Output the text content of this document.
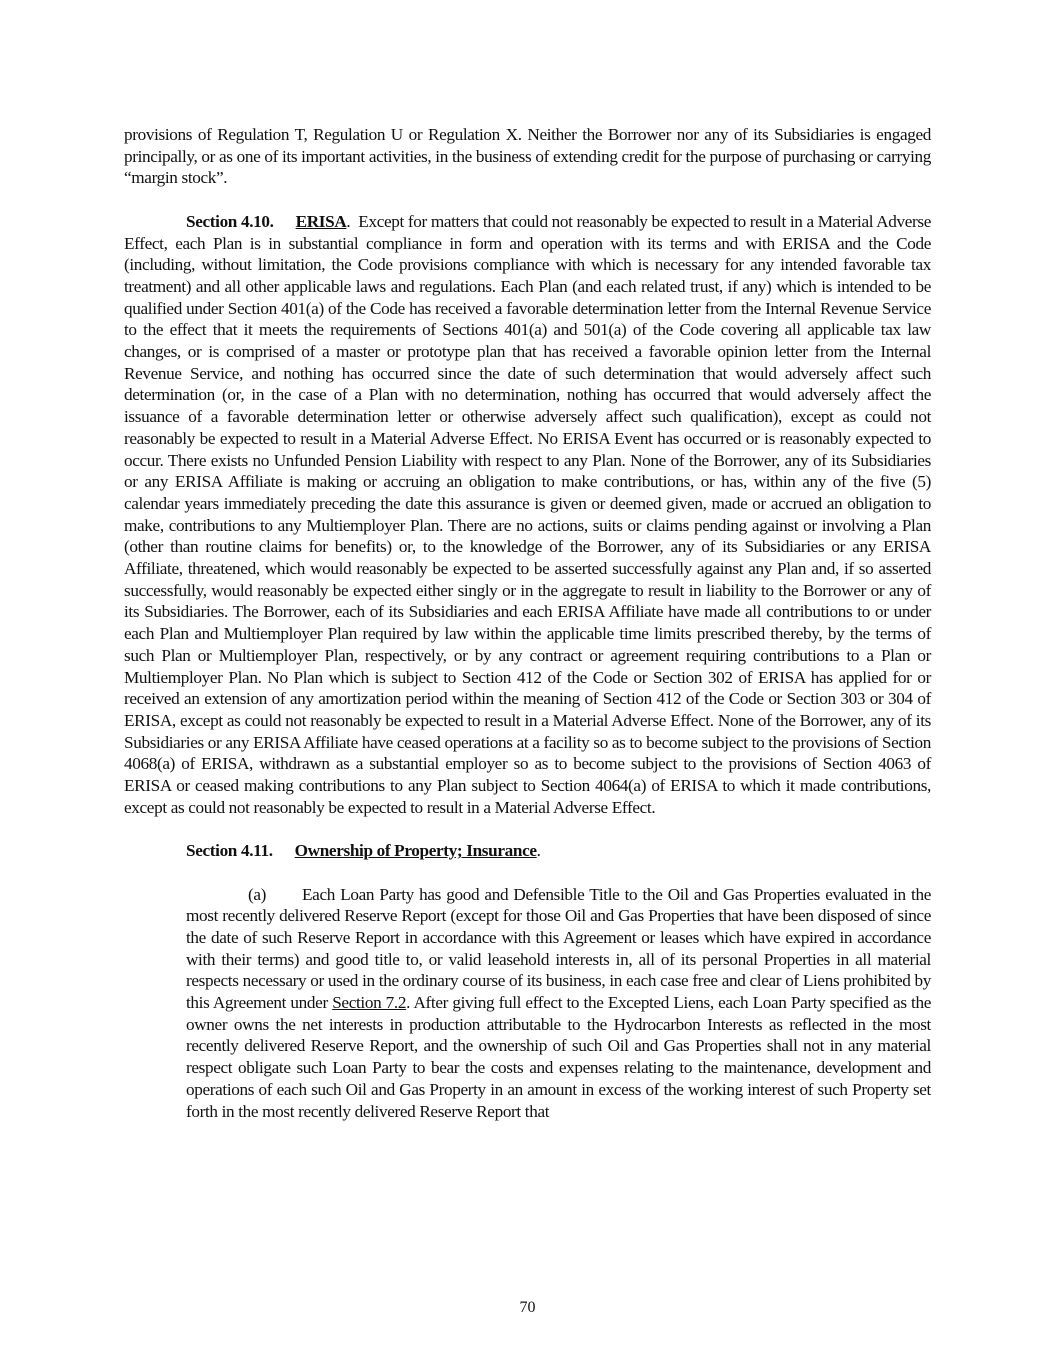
provisions of Regulation T, Regulation U or Regulation X. Neither the Borrower nor any of its Subsidiaries is engaged principally, or as one of its important activities, in the business of extending credit for the purpose of purchasing or carrying “margin stock”.

Section 4.10. ERISA. Except for matters that could not reasonably be expected to result in a Material Adverse Effect, each Plan is in substantial compliance in form and operation with its terms and with ERISA and the Code (including, without limitation, the Code provisions compliance with which is necessary for any intended favorable tax treatment) and all other applicable laws and regulations. Each Plan (and each related trust, if any) which is intended to be qualified under Section 401(a) of the Code has received a favorable determination letter from the Internal Revenue Service to the effect that it meets the requirements of Sections 401(a) and 501(a) of the Code covering all applicable tax law changes, or is comprised of a master or prototype plan that has received a favorable opinion letter from the Internal Revenue Service, and nothing has occurred since the date of such determination that would adversely affect such determination (or, in the case of a Plan with no determination, nothing has occurred that would adversely affect the issuance of a favorable determination letter or otherwise adversely affect such qualification), except as could not reasonably be expected to result in a Material Adverse Effect. No ERISA Event has occurred or is reasonably expected to occur. There exists no Unfunded Pension Liability with respect to any Plan. None of the Borrower, any of its Subsidiaries or any ERISA Affiliate is making or accruing an obligation to make contributions, or has, within any of the five (5) calendar years immediately preceding the date this assurance is given or deemed given, made or accrued an obligation to make, contributions to any Multiemployer Plan. There are no actions, suits or claims pending against or involving a Plan (other than routine claims for benefits) or, to the knowledge of the Borrower, any of its Subsidiaries or any ERISA Affiliate, threatened, which would reasonably be expected to be asserted successfully against any Plan and, if so asserted successfully, would reasonably be expected either singly or in the aggregate to result in liability to the Borrower or any of its Subsidiaries. The Borrower, each of its Subsidiaries and each ERISA Affiliate have made all contributions to or under each Plan and Multiemployer Plan required by law within the applicable time limits prescribed thereby, by the terms of such Plan or Multiemployer Plan, respectively, or by any contract or agreement requiring contributions to a Plan or Multiemployer Plan. No Plan which is subject to Section 412 of the Code or Section 302 of ERISA has applied for or received an extension of any amortization period within the meaning of Section 412 of the Code or Section 303 or 304 of ERISA, except as could not reasonably be expected to result in a Material Adverse Effect. None of the Borrower, any of its Subsidiaries or any ERISA Affiliate have ceased operations at a facility so as to become subject to the provisions of Section 4068(a) of ERISA, withdrawn as a substantial employer so as to become subject to the provisions of Section 4063 of ERISA or ceased making contributions to any Plan subject to Section 4064(a) of ERISA to which it made contributions, except as could not reasonably be expected to result in a Material Adverse Effect.

Section 4.11. Ownership of Property; Insurance.

(a) Each Loan Party has good and Defensible Title to the Oil and Gas Properties evaluated in the most recently delivered Reserve Report (except for those Oil and Gas Properties that have been disposed of since the date of such Reserve Report in accordance with this Agreement or leases which have expired in accordance with their terms) and good title to, or valid leasehold interests in, all of its personal Properties in all material respects necessary or used in the ordinary course of its business, in each case free and clear of Liens prohibited by this Agreement under Section 7.2. After giving full effect to the Excepted Liens, each Loan Party specified as the owner owns the net interests in production attributable to the Hydrocarbon Interests as reflected in the most recently delivered Reserve Report, and the ownership of such Oil and Gas Properties shall not in any material respect obligate such Loan Party to bear the costs and expenses relating to the maintenance, development and operations of each such Oil and Gas Property in an amount in excess of the working interest of such Property set forth in the most recently delivered Reserve Report that

70
